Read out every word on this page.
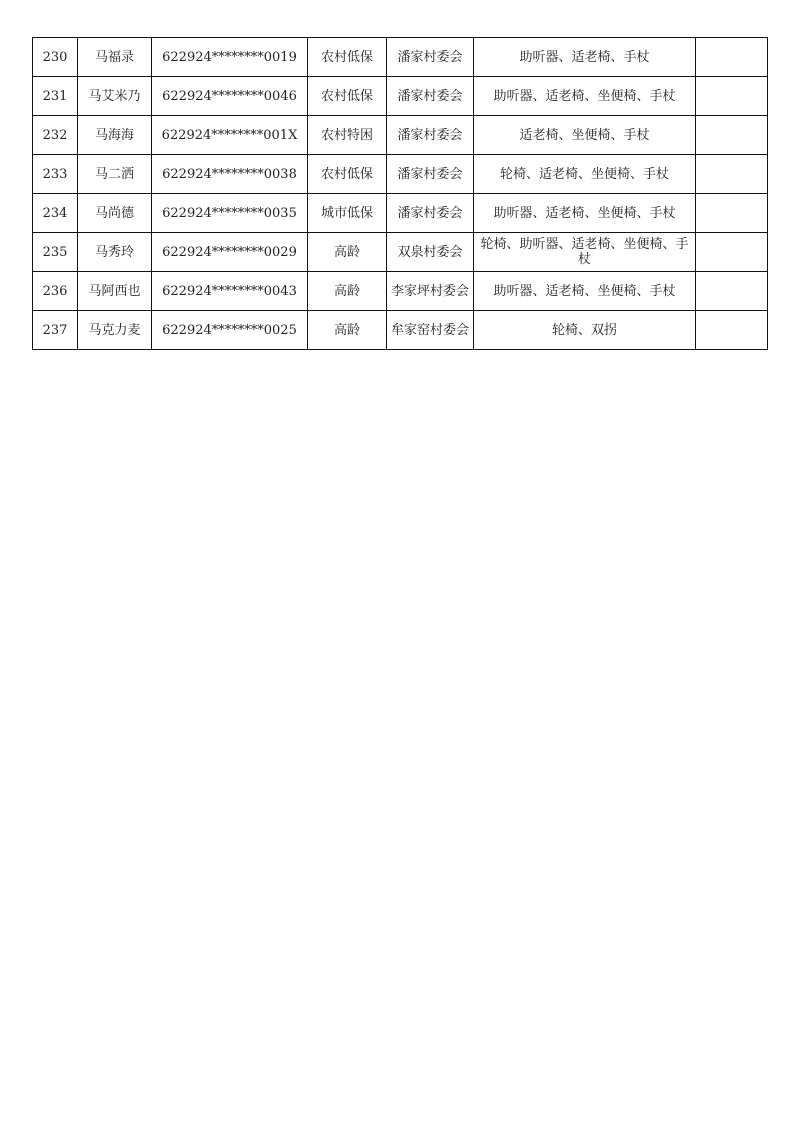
230	马福录	622924********0019	农村低保	潘家村委会	助听器、适老椅、手杖	
231	马艾米乃	622924********0046	农村低保	潘家村委会	助听器、适老椅、坐便椅、手杖	
232	马海海	622924********001X	农村特困	潘家村委会	适老椅、坐便椅、手杖	
233	马二洒	622924********0038	农村低保	潘家村委会	轮椅、适老椅、坐便椅、手杖	
234	马尚德	622924********0035	城市低保	潘家村委会	助听器、适老椅、坐便椅、手杖	
235	马秀玲	622924********0029	高龄	双泉村委会	轮椅、助听器、适老椅、坐便椅、手杖	
236	马阿西也	622924********0043	高龄	李家坪村委会	助听器、适老椅、坐便椅、手杖	
237	马克力麦	622924********0025	高龄	牟家窑村委会	轮椅、双拐	
